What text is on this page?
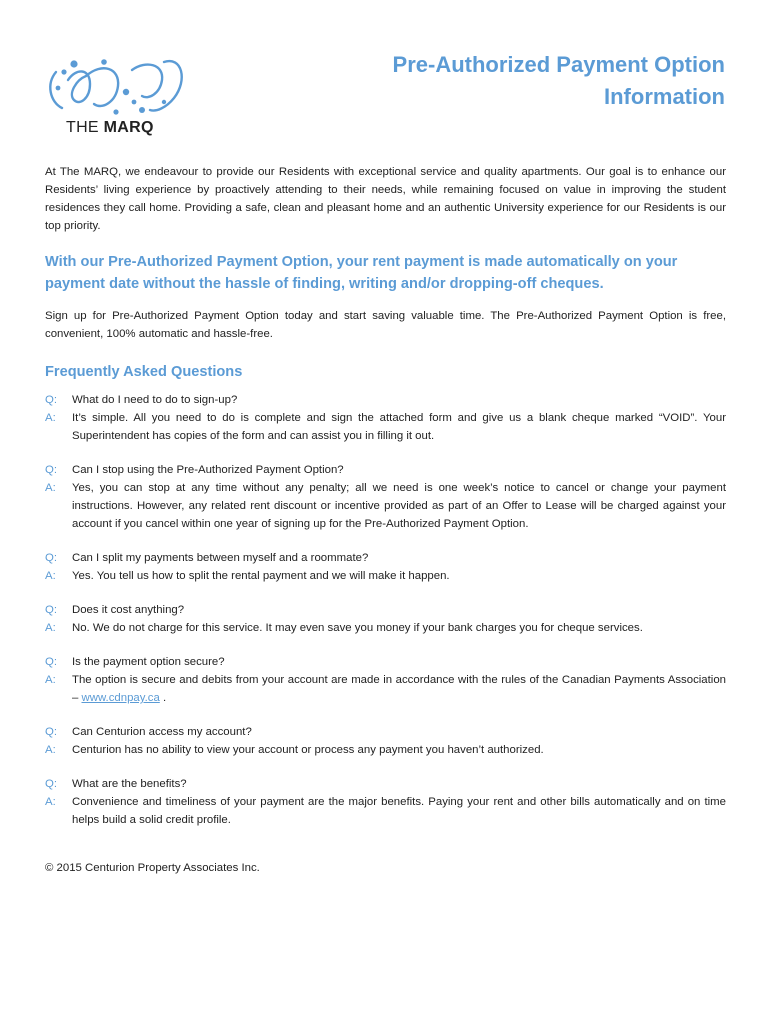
THE MARQ
Pre-Authorized Payment Option
Information

At The MARQ, we endeavour to provide our Residents with exceptional service and quality apartments. Our goal is to enhance our Residents’ living experience by proactively attending to their needs, while remaining focused on value in improving the student residences they call home. Providing a safe, clean and pleasant home and an authentic University experience for our Residents is our top priority.

With our Pre-Authorized Payment Option, your rent payment is made automatically on your payment date without the hassle of finding, writing and/or dropping-off cheques.

Sign up for Pre-Authorized Payment Option today and start saving valuable time. The Pre-Authorized Payment Option is free, convenient, 100% automatic and hassle-free.

Frequently Asked Questions
Q:	What do I need to do to sign-up?
A:	It’s simple. All you need to do is complete and sign the attached form and give us a blank cheque marked “VOID”. Your Superintendent has copies of the form and can assist you in filling it out.
Q:	Can I stop using the Pre-Authorized Payment Option?
A:	Yes, you can stop at any time without any penalty; all we need is one week’s notice to cancel or change your payment instructions. However, any related rent discount or incentive provided as part of an Offer to Lease will be charged against your account if you cancel within one year of signing up for the Pre-Authorized Payment Option.
Q:	Can I split my payments between myself and a roommate?
A:	Yes. You tell us how to split the rental payment and we will make it happen.
Q:	Does it cost anything?
A:	No. We do not charge for this service. It may even save you money if your bank charges you for cheque services.
Q:	Is the payment option secure?
A:	The option is secure and debits from your account are made in accordance with the rules of the Canadian Payments Association – www.cdnpay.ca .
Q:	Can Centurion access my account?
A:	Centurion has no ability to view your account or process any payment you haven’t authorized.
Q:	What are the benefits?
A:	Convenience and timeliness of your payment are the major benefits. Paying your rent and other bills automatically and on time helps build a solid credit profile.
© 2015 Centurion Property Associates Inc.
